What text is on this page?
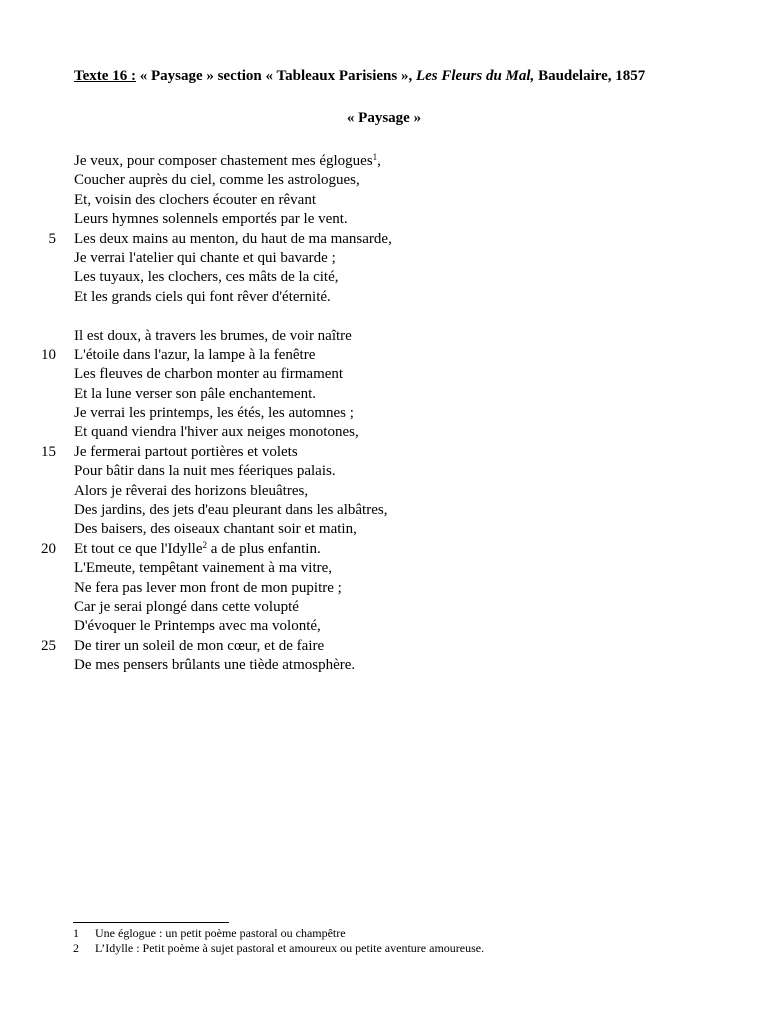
Texte 16 : « Paysage » section « Tableaux Parisiens », Les Fleurs du Mal, Baudelaire, 1857
« Paysage »
Je veux, pour composer chastement mes églogues$^1$,
Coucher auprès du ciel, comme les astrologues,
Et, voisin des clochers écouter en rêvant
Leurs hymnes solennels emportés par le vent.
5 Les deux mains au menton, du haut de ma mansarde,
Je verrai l'atelier qui chante et qui bavarde ;
Les tuyaux, les clochers, ces mâts de la cité,
Et les grands ciels qui font rêver d'éternité.
Il est doux, à travers les brumes, de voir naître
10 L'étoile dans l'azur, la lampe à la fenêtre
Les fleuves de charbon monter au firmament
Et la lune verser son pâle enchantement.
Je verrai les printemps, les étés, les automnes ;
Et quand viendra l'hiver aux neiges monotones,
15 Je fermerai partout portières et volets
Pour bâtir dans la nuit mes féeriques palais.
Alors je rêverai des horizons bleuâtres,
Des jardins, des jets d'eau pleurant dans les albâtres,
Des baisers, des oiseaux chantant soir et matin,
20 Et tout ce que l'Idylle$^2$ a de plus enfantin.
L'Emeute, tempêtant vainement à ma vitre,
Ne fera pas lever mon front de mon pupitre ;
Car je serai plongé dans cette volupté
D'évoquer le Printemps avec ma volonté,
25 De tirer un soleil de mon cœur, et de faire
De mes pensers brûlants une tiède atmosphère.
1 Une églogue : un petit poème pastoral ou champêtre
2 L’Idylle : Petit poème à sujet pastoral et amoureux ou petite aventure amoureuse.
